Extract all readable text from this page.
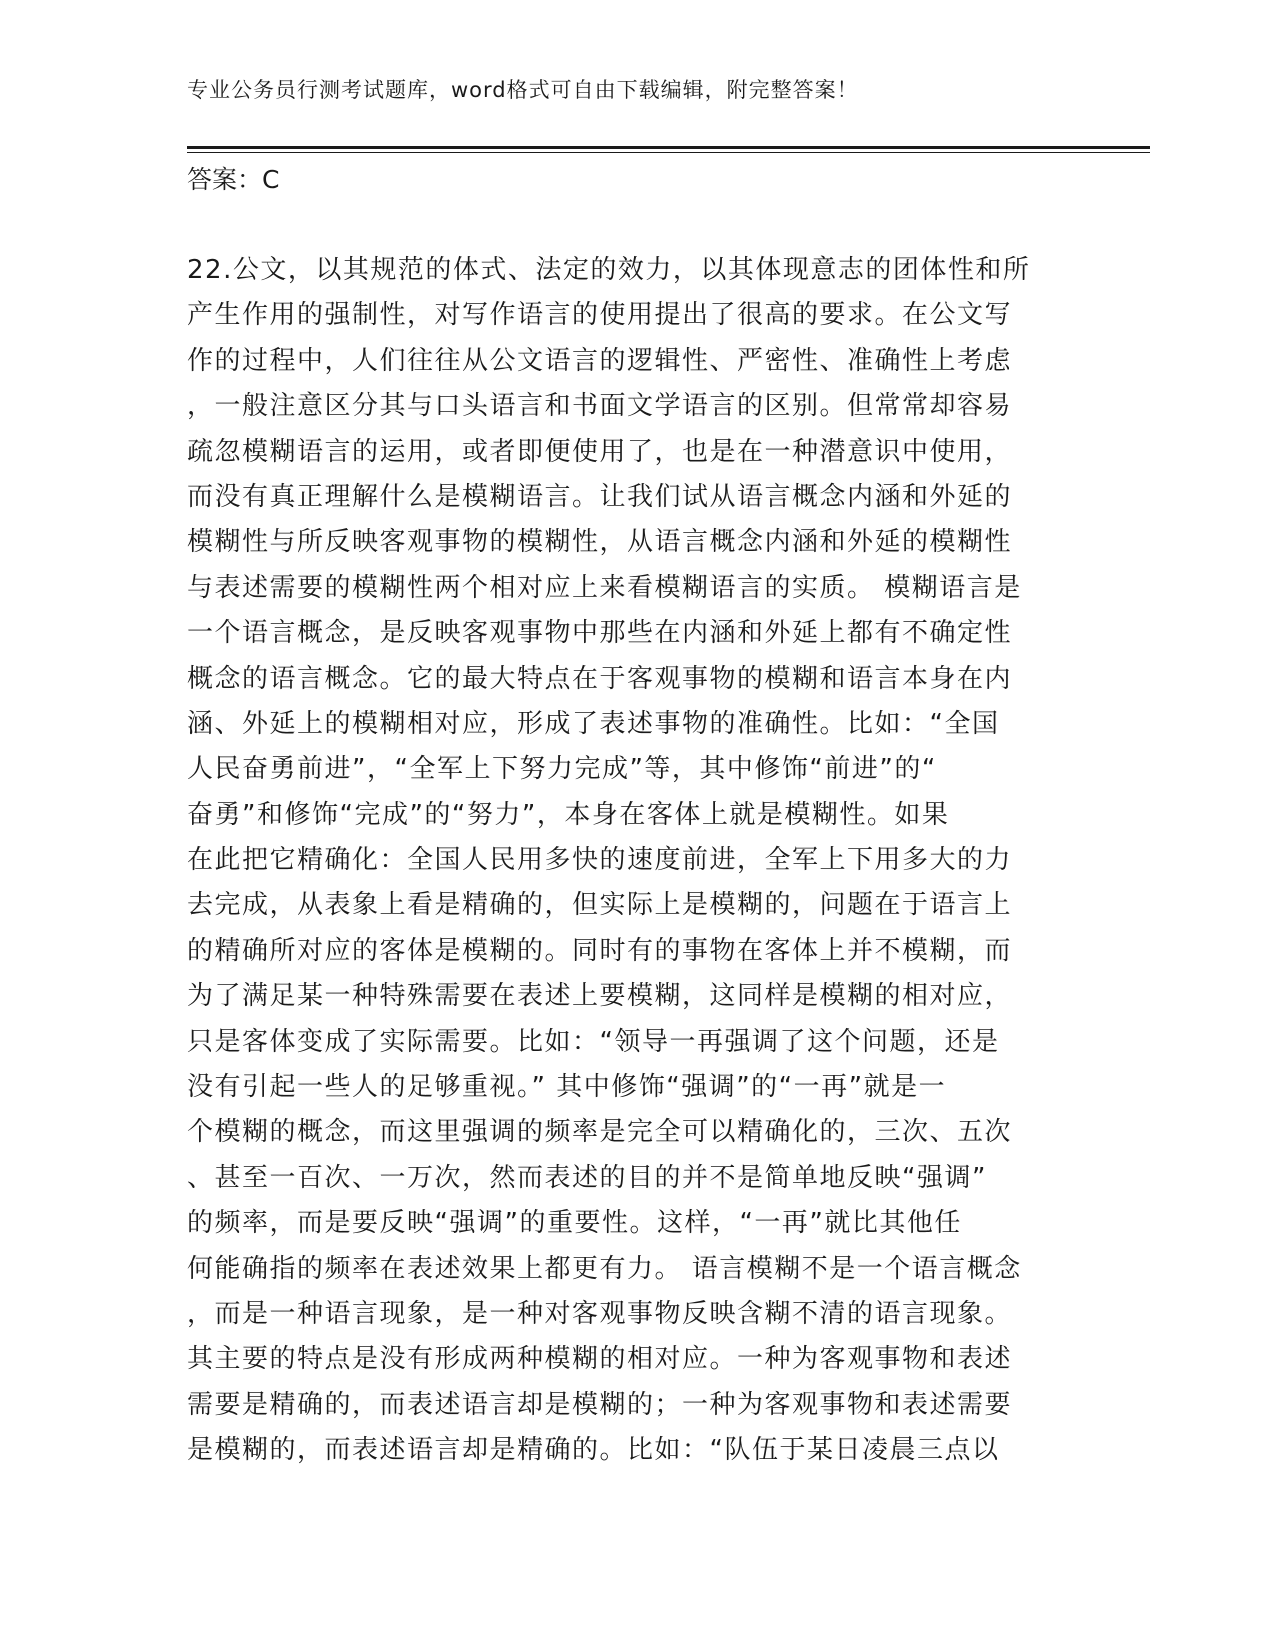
专业公务员行测考试题库，word格式可自由下载编辑，附完整答案！
答案：C
22.公文，以其规范的体式、法定的效力，以其体现意志的团体性和所
产生作用的强制性，对写作语言的使用提出了很高的要求。在公文写
作的过程中，人们往往从公文语言的逻辑性、严密性、准确性上考虑
，一般注意区分其与口头语言和书面文学语言的区别。但常常却容易
疏忽模糊语言的运用，或者即便使用了，也是在一种潜意识中使用，
而没有真正理解什么是模糊语言。让我们试从语言概念内涵和外延的
模糊性与所反映客观事物的模糊性，从语言概念内涵和外延的模糊性
与表述需要的模糊性两个相对应上来看模糊语言的实质。 模糊语言是
一个语言概念，是反映客观事物中那些在内涵和外延上都有不确定性
概念的语言概念。它的最大特点在于客观事物的模糊和语言本身在内
涵、外延上的模糊相对应，形成了表述事物的准确性。比如：“全国
人民奋勇前进”，“全军上下努力完成”等，其中修饰“前进”的“
奋勇”和修饰“完成”的“努力”，本身在客体上就是模糊性。如果
在此把它精确化：全国人民用多快的速度前进，全军上下用多大的力
去完成，从表象上看是精确的，但实际上是模糊的，问题在于语言上
的精确所对应的客体是模糊的。同时有的事物在客体上并不模糊，而
为了满足某一种特殊需要在表述上要模糊，这同样是模糊的相对应，
只是客体变成了实际需要。比如：“领导一再强调了这个问题，还是
没有引起一些人的足够重视。” 其中修饰“强调”的“一再”就是一
个模糊的概念，而这里强调的频率是完全可以精确化的，三次、五次
、甚至一百次、一万次，然而表述的目的并不是简单地反映“强调”
的频率，而是要反映“强调”的重要性。这样，“一再”就比其他任
何能确指的频率在表述效果上都更有力。 语言模糊不是一个语言概念
，而是一种语言现象，是一种对客观事物反映含糊不清的语言现象。
其主要的特点是没有形成两种模糊的相对应。一种为客观事物和表述
需要是精确的，而表述语言却是模糊的；一种为客观事物和表述需要
是模糊的，而表述语言却是精确的。比如：“队伍于某日凌晨三点以
